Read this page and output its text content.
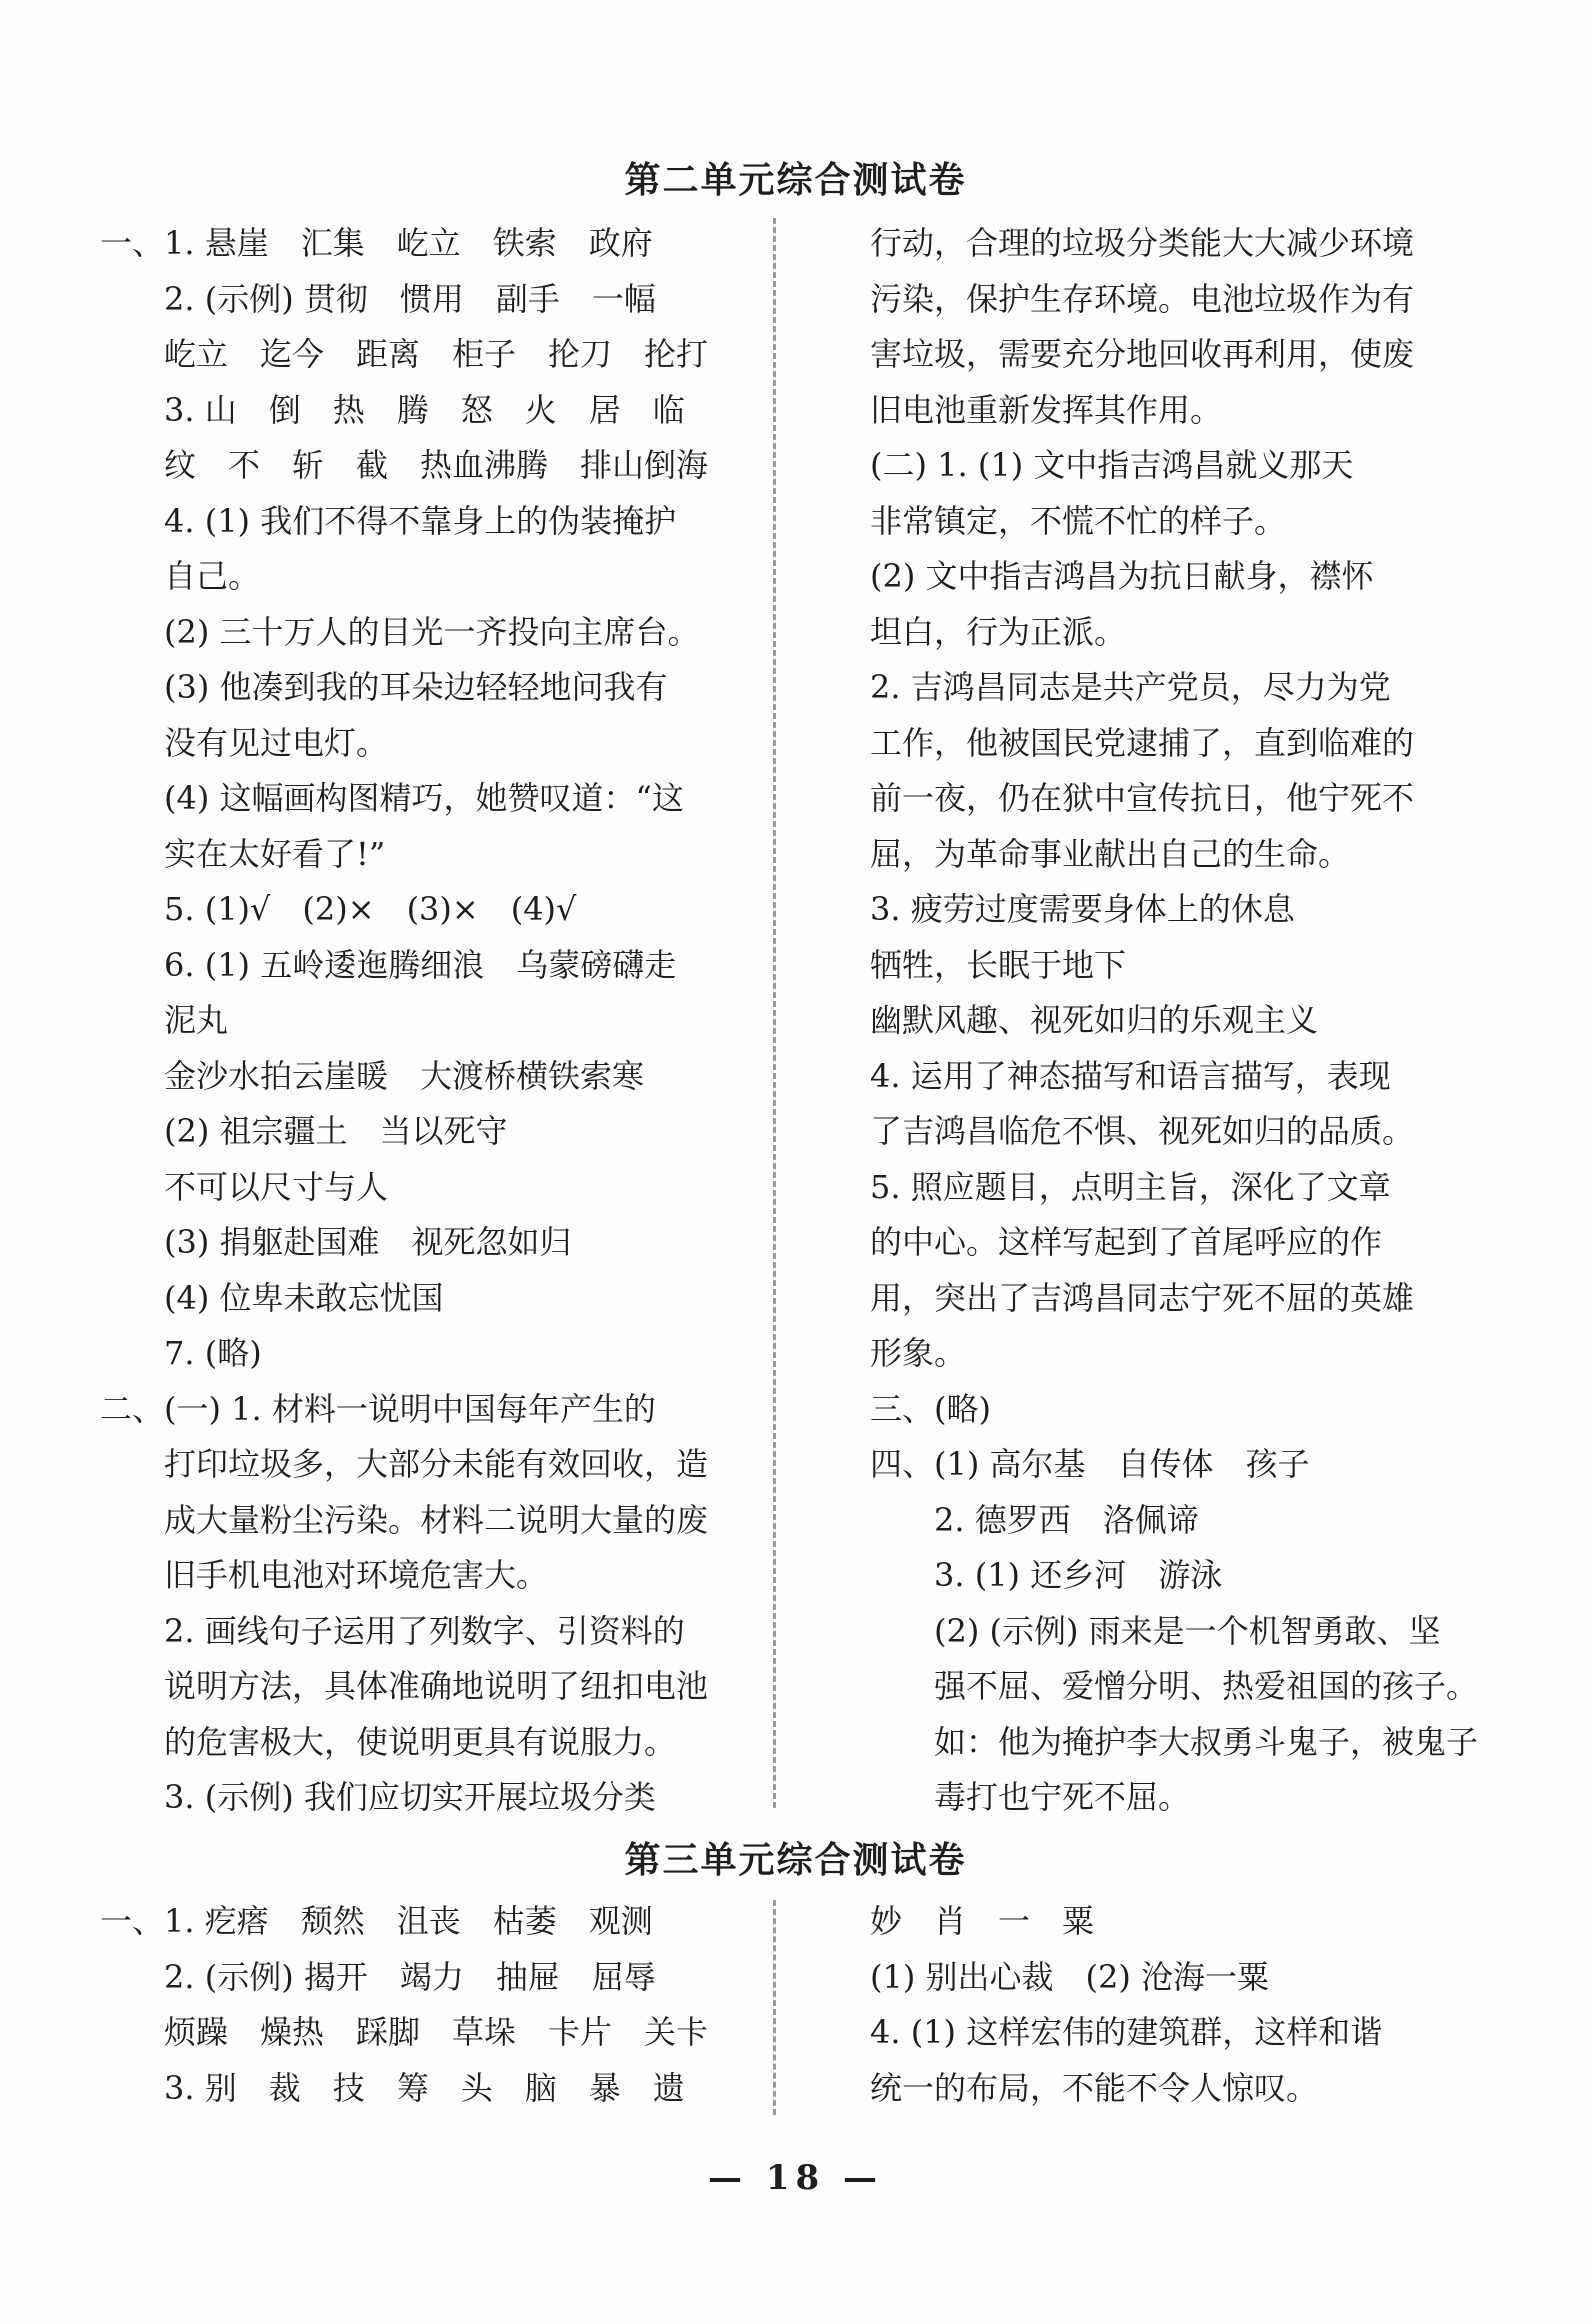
第二单元综合测试卷
一、1. 悬崖　汇集　屹立　铁索　政府
　　2. (示例) 贯彻　惯用　副手　一幅
　　屹立　迄今　距离　柜子　抡刀　抡打
　　3. 山　倒　热　腾　怒　火　居　临
　　纹　不　斩　截　热血沸腾　排山倒海
　　4. (1) 我们不得不靠身上的伪装掩护
　　自己。
　　(2) 三十万人的目光一齐投向主席台。
　　(3) 他凑到我的耳朵边轻轻地问我有
　　没有见过电灯。
　　(4) 这幅画构图精巧，她赞叹道：“这
　　实在太好看了!”
　　5. (1)√　(2)×　(3)×　(4)√
　　6. (1) 五岭逶迤腾细浪　乌蒙磅礴走
　　泥丸
　　金沙水拍云崖暖　大渡桥横铁索寒
　　(2) 祖宗疆土　当以死守
　　不可以尺寸与人
　　(3) 捐躯赴国难　视死忽如归
　　(4) 位卑未敢忘忧国
　　7. (略)
二、(一) 1. 材料一说明中国每年产生的
　　打印垃圾多，大部分未能有效回收，造
　　成大量粉尘污染。材料二说明大量的废
　　旧手机电池对环境危害大。
　　2. 画线句子运用了列数字、引资料的
　　说明方法，具体准确地说明了纽扣电池
　　的危害极大，使说明更具有说服力。
　　3. (示例) 我们应切实开展垃圾分类
行动，合理的垃圾分类能大大减少环境
污染，保护生存环境。电池垃圾作为有
害垃圾，需要充分地回收再利用，使废
旧电池重新发挥其作用。
(二) 1. (1) 文中指吉鸿昌就义那天
非常镇定，不慌不忙的样子。
(2) 文中指吉鸿昌为抗日献身，襟怀
坦白，行为正派。
2. 吉鸿昌同志是共产党员，尽力为党
工作，他被国民党逮捕了，直到临难的
前一夜，仍在狱中宣传抗日，他宁死不
屈，为革命事业献出自己的生命。
3. 疲劳过度需要身体上的休息
牺牲，长眠于地下
幽默风趣、视死如归的乐观主义
4. 运用了神态描写和语言描写，表现
了吉鸿昌临危不惧、视死如归的品质。
5. 照应题目，点明主旨，深化了文章
的中心。这样写起到了首尾呼应的作
用，突出了吉鸿昌同志宁死不屈的英雄
形象。
三、(略)
四、(1) 高尔基　自传体　孩子
　　2. 德罗西　洛佩谛
　　3. (1) 还乡河　游泳
　　(2) (示例) 雨来是一个机智勇敢、坚
　　强不屈、爱憎分明、热爱祖国的孩子。
　　如：他为掩护李大叔勇斗鬼子，被鬼子
　　毒打也宁死不屈。
第三单元综合测试卷
一、1. 疙瘩　颓然　沮丧　枯萎　观测
　　2. (示例) 揭开　竭力　抽屉　屈辱
　　烦躁　燥热　踩脚　草垛　卡片　关卡
　　3. 别　裁　技　筹　头　脑　暴　遗
妙　肖　一　粟
(1) 别出心裁　(2) 沧海一粟
4. (1) 这样宏伟的建筑群，这样和谐
统一的布局，不能不令人惊叹。
— 18 —
